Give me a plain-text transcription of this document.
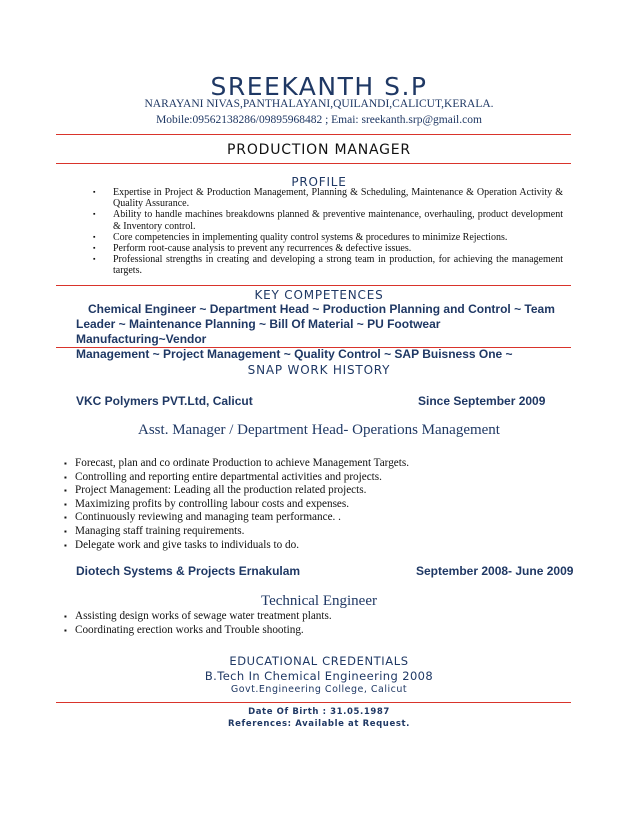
SREEKANTH S.P
NARAYANI NIVAS,PANTHALAYANI,QUILANDI,CALICUT,KERALA.
Mobile:09562138286/09895968482 ; Emai: sreekanth.srp@gmail.com
PRODUCTION MANAGER
PROFILE
▪ Expertise in Project & Production Management, Planning & Scheduling, Maintenance & Operation Activity & Quality Assurance.
▪ Ability to handle machines breakdowns planned & preventive maintenance, overhauling, product development & Inventory control.
▪ Core competencies in implementing quality control systems & procedures to minimize Rejections.
▪ Perform root-cause analysis to prevent any recurrences & defective issues.
▪ Professional strengths in creating and developing a strong team in production, for achieving the management targets.
KEY COMPETENCES
Chemical Engineer ~ Department Head ~ Production Planning and Control ~ Team
Leader ~ Maintenance Planning ~ Bill Of Material ~ PU Footwear Manufacturing~Vendor
Management ~ Project Management ~ Quality Control ~ SAP Buisness One ~
SNAP WORK HISTORY
VKC Polymers PVT.Ltd, Calicut	Since September 2009
Asst. Manager / Department Head- Operations Management
▪ Forecast, plan and co ordinate Production to achieve Management Targets.
▪ Controlling and reporting entire departmental activities and projects.
▪ Project Management: Leading all the production related projects.
▪ Maximizing profits by controlling labour costs and expenses.
▪ Continuously reviewing and managing team performance. .
▪ Managing staff training requirements.
▪ Delegate work and give tasks to individuals to do.
Diotech Systems & Projects Ernakulam	September 2008- June 2009
Technical Engineer
▪ Assisting design works of sewage water treatment plants.
▪ Coordinating erection works and Trouble shooting.
EDUCATIONAL CREDENTIALS
B.Tech In Chemical Engineering 2008
Govt.Engineering College, Calicut
Date Of Birth : 31.05.1987
References: Available at Request.
